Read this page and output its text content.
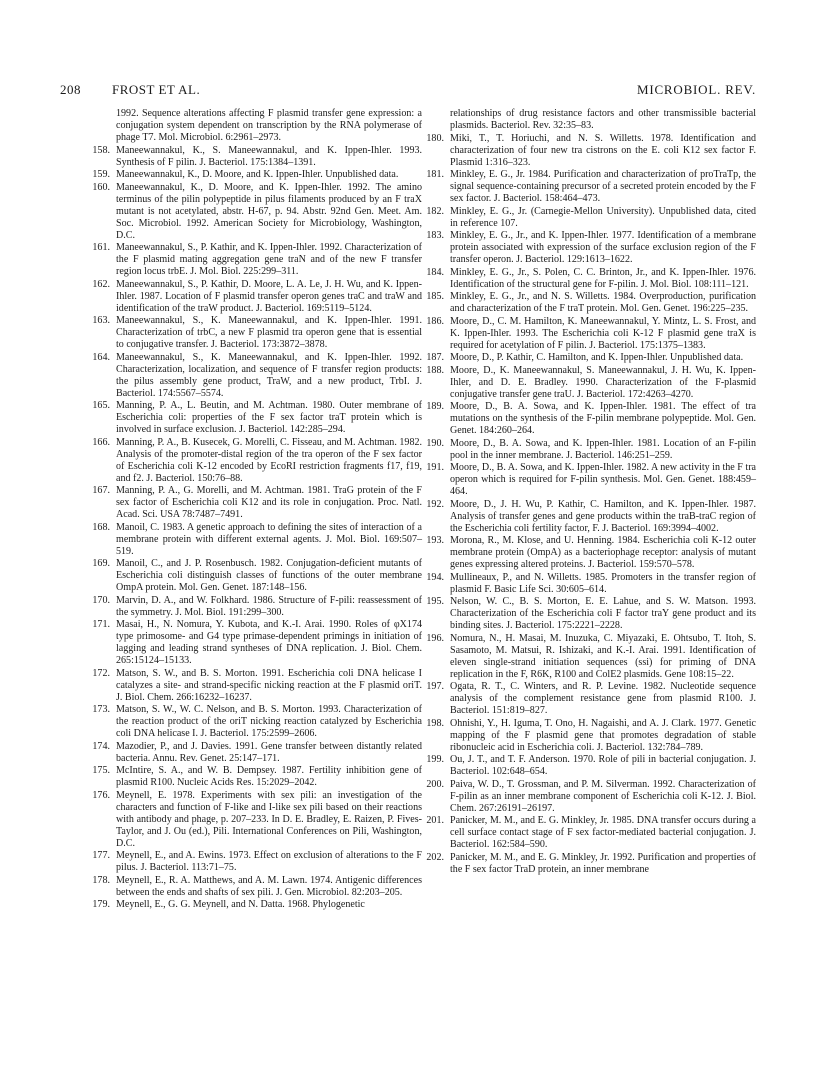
208 FROST ET AL.	MICROBIOL. REV.
1992. Sequence alterations affecting F plasmid transfer gene expression: a conjugation system dependent on transcription by the RNA polymerase of phage T7. Mol. Microbiol. 6:2961–2973.
158. Maneewannakul, K., S. Maneewannakul, and K. Ippen-Ihler. 1993. Synthesis of F pilin. J. Bacteriol. 175:1384–1391.
159. Maneewannakul, K., D. Moore, and K. Ippen-Ihler. Unpublished data.
160. Maneewannakul, K., D. Moore, and K. Ippen-Ihler. 1992. The amino terminus of the pilin polypeptide in pilus filaments produced by an F traX mutant is not acetylated, abstr. H-67, p. 94. Abstr. 92nd Gen. Meet. Am. Soc. Microbiol. 1992. American Society for Microbiology, Washington, D.C.
161. Maneewannakul, S., P. Kathir, and K. Ippen-Ihler. 1992. Characterization of the F plasmid mating aggregation gene traN and of the new F transfer region locus trbE. J. Mol. Biol. 225:299–311.
162. Maneewannakul, S., P. Kathir, D. Moore, L. A. Le, J. H. Wu, and K. Ippen-Ihler. 1987. Location of F plasmid transfer operon genes traC and traW and identification of the traW product. J. Bacteriol. 169:5119–5124.
163. Maneewannakul, S., K. Maneewannakul, and K. Ippen-Ihler. 1991. Characterization of trbC, a new F plasmid tra operon gene that is essential to conjugative transfer. J. Bacteriol. 173:3872–3878.
164. Maneewannakul, S., K. Maneewannakul, and K. Ippen-Ihler. 1992. Characterization, localization, and sequence of F transfer region products: the pilus assembly gene product, TraW, and a new product, TrbI. J. Bacteriol. 174:5567–5574.
165. Manning, P. A., L. Beutin, and M. Achtman. 1980. Outer membrane of Escherichia coli: properties of the F sex factor traT protein which is involved in surface exclusion. J. Bacteriol. 142:285–294.
166. Manning, P. A., B. Kusecek, G. Morelli, C. Fisseau, and M. Achtman. 1982. Analysis of the promoter-distal region of the tra operon of the F sex factor of Escherichia coli K-12 encoded by EcoRI restriction fragments f17, f19, and f2. J. Bacteriol. 150:76–88.
167. Manning, P. A., G. Morelli, and M. Achtman. 1981. TraG protein of the F sex factor of Escherichia coli K12 and its role in conjugation. Proc. Natl. Acad. Sci. USA 78:7487–7491.
168. Manoil, C. 1983. A genetic approach to defining the sites of interaction of a membrane protein with different external agents. J. Mol. Biol. 169:507–519.
169. Manoil, C., and J. P. Rosenbusch. 1982. Conjugation-deficient mutants of Escherichia coli distinguish classes of functions of the outer membrane OmpA protein. Mol. Gen. Genet. 187:148–156.
170. Marvin, D. A., and W. Folkhard. 1986. Structure of F-pili: reassessment of the symmetry. J. Mol. Biol. 191:299–300.
171. Masai, H., N. Nomura, Y. Kubota, and K.-I. Arai. 1990. Roles of φX174 type primosome- and G4 type primase-dependent primings in initiation of lagging and leading strand syntheses of DNA replication. J. Biol. Chem. 265:15124–15133.
172. Matson, S. W., and B. S. Morton. 1991. Escherichia coli DNA helicase I catalyzes a site- and strand-specific nicking reaction at the F plasmid oriT. J. Biol. Chem. 266:16232–16237.
173. Matson, S. W., W. C. Nelson, and B. S. Morton. 1993. Characterization of the reaction product of the oriT nicking reaction catalyzed by Escherichia coli DNA helicase I. J. Bacteriol. 175:2599–2606.
174. Mazodier, P., and J. Davies. 1991. Gene transfer between distantly related bacteria. Annu. Rev. Genet. 25:147–171.
175. McIntire, S. A., and W. B. Dempsey. 1987. Fertility inhibition gene of plasmid R100. Nucleic Acids Res. 15:2029–2042.
176. Meynell, E. 1978. Experiments with sex pili: an investigation of the characters and function of F-like and I-like sex pili based on their reactions with antibody and phage, p. 207–233. In D. E. Bradley, E. Raizen, P. Fives-Taylor, and J. Ou (ed.), Pili. International Conferences on Pili, Washington, D.C.
177. Meynell, E., and A. Ewins. 1973. Effect on exclusion of alterations to the F pilus. J. Bacteriol. 113:71–75.
178. Meynell, E., R. A. Matthews, and A. M. Lawn. 1974. Antigenic differences between the ends and shafts of sex pili. J. Gen. Microbiol. 82:203–205.
179. Meynell, E., G. G. Meynell, and N. Datta. 1968. Phylogenetic
relationships of drug resistance factors and other transmissible bacterial plasmids. Bacteriol. Rev. 32:35–83.
180. Miki, T., T. Horiuchi, and N. S. Willetts. 1978. Identification and characterization of four new tra cistrons on the E. coli K12 sex factor F. Plasmid 1:316–323.
181. Minkley, E. G., Jr. 1984. Purification and characterization of proTraTp, the signal sequence-containing precursor of a secreted protein encoded by the F sex factor. J. Bacteriol. 158:464–473.
182. Minkley, E. G., Jr. (Carnegie-Mellon University). Unpublished data, cited in reference 107.
183. Minkley, E. G., Jr., and K. Ippen-Ihler. 1977. Identification of a membrane protein associated with expression of the surface exclusion region of the F transfer operon. J. Bacteriol. 129:1613–1622.
184. Minkley, E. G., Jr., S. Polen, C. C. Brinton, Jr., and K. Ippen-Ihler. 1976. Identification of the structural gene for F-pilin. J. Mol. Biol. 108:111–121.
185. Minkley, E. G., Jr., and N. S. Willetts. 1984. Overproduction, purification and characterization of the F traT protein. Mol. Gen. Genet. 196:225–235.
186. Moore, D., C. M. Hamilton, K. Maneewannakul, Y. Mintz, L. S. Frost, and K. Ippen-Ihler. 1993. The Escherichia coli K-12 F plasmid gene traX is required for acetylation of F pilin. J. Bacteriol. 175:1375–1383.
187. Moore, D., P. Kathir, C. Hamilton, and K. Ippen-Ihler. Unpublished data.
188. Moore, D., K. Maneewannakul, S. Maneewannakul, J. H. Wu, K. Ippen-Ihler, and D. E. Bradley. 1990. Characterization of the F-plasmid conjugative transfer gene traU. J. Bacteriol. 172:4263–4270.
189. Moore, D., B. A. Sowa, and K. Ippen-Ihler. 1981. The effect of tra mutations on the synthesis of the F-pilin membrane polypeptide. Mol. Gen. Genet. 184:260–264.
190. Moore, D., B. A. Sowa, and K. Ippen-Ihler. 1981. Location of an F-pilin pool in the inner membrane. J. Bacteriol. 146:251–259.
191. Moore, D., B. A. Sowa, and K. Ippen-Ihler. 1982. A new activity in the F tra operon which is required for F-pilin synthesis. Mol. Gen. Genet. 188:459–464.
192. Moore, D., J. H. Wu, P. Kathir, C. Hamilton, and K. Ippen-Ihler. 1987. Analysis of transfer genes and gene products within the traB-traC region of the Escherichia coli fertility factor, F. J. Bacteriol. 169:3994–4002.
193. Morona, R., M. Klose, and U. Henning. 1984. Escherichia coli K-12 outer membrane protein (OmpA) as a bacteriophage receptor: analysis of mutant genes expressing altered proteins. J. Bacteriol. 159:570–578.
194. Mullineaux, P., and N. Willetts. 1985. Promoters in the transfer region of plasmid F. Basic Life Sci. 30:605–614.
195. Nelson, W. C., B. S. Morton, E. E. Lahue, and S. W. Matson. 1993. Characterization of the Escherichia coli F factor traY gene product and its binding sites. J. Bacteriol. 175:2221–2228.
196. Nomura, N., H. Masai, M. Inuzuka, C. Miyazaki, E. Ohtsubo, T. Itoh, S. Sasamoto, M. Matsui, R. Ishizaki, and K.-I. Arai. 1991. Identification of eleven single-strand initiation sequences (ssi) for priming of DNA replication in the F, R6K, R100 and ColE2 plasmids. Gene 108:15–22.
197. Ogata, R. T., C. Winters, and R. P. Levine. 1982. Nucleotide sequence analysis of the complement resistance gene from plasmid R100. J. Bacteriol. 151:819–827.
198. Ohnishi, Y., H. Iguma, T. Ono, H. Nagaishi, and A. J. Clark. 1977. Genetic mapping of the F plasmid gene that promotes degradation of stable ribonucleic acid in Escherichia coli. J. Bacteriol. 132:784–789.
199. Ou, J. T., and T. F. Anderson. 1970. Role of pili in bacterial conjugation. J. Bacteriol. 102:648–654.
200. Paiva, W. D., T. Grossman, and P. M. Silverman. 1992. Characterization of F-pilin as an inner membrane component of Escherichia coli K-12. J. Biol. Chem. 267:26191–26197.
201. Panicker, M. M., and E. G. Minkley, Jr. 1985. DNA transfer occurs during a cell surface contact stage of F sex factor-mediated bacterial conjugation. J. Bacteriol. 162:584–590.
202. Panicker, M. M., and E. G. Minkley, Jr. 1992. Purification and properties of the F sex factor TraD protein, an inner membrane
